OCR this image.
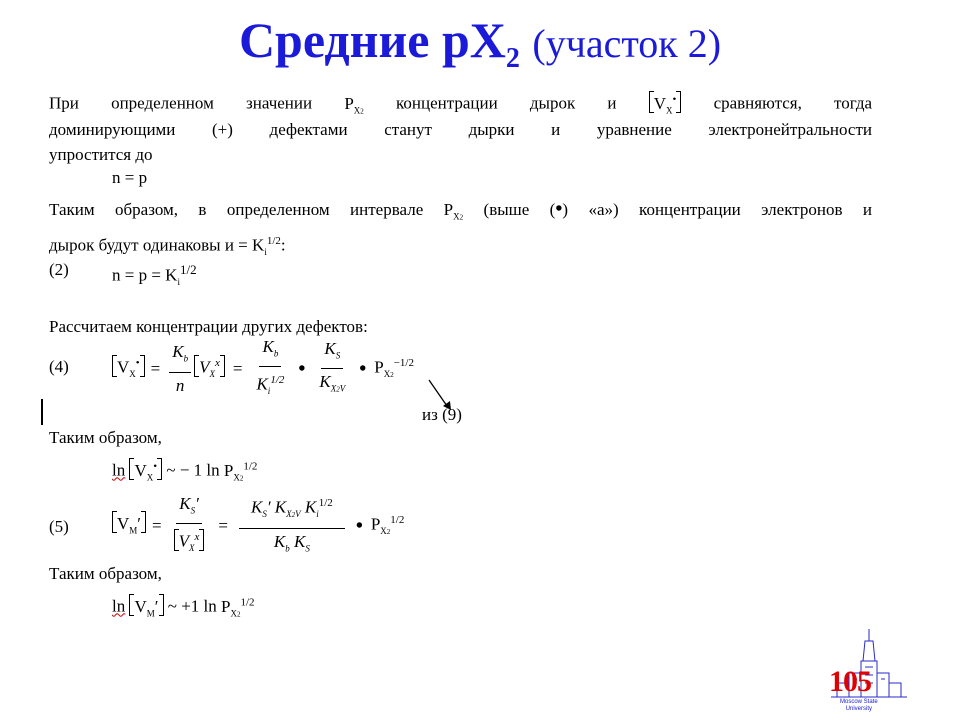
Средние $pX_2$ (участок 2)
При определенном значении $P_{X2}$ концентрации дырок и $V_X^•$ сравняются, тогда
доминирующими (+) дефектами станут дырки и уравнение электронейтральности
упростится до
n = p
Таким образом, в определенном интервале $P_{X2}$ (выше (•) «a») концентрации электронов и
дырок будут одинаковы $и = K_i^{1/2}$:
(2)	$n = p = K_i^{1/2}$
Рассчитаем концентрации других дефектов:
(4)	$V_X^• = \frac{K_b}{n} V_X^x = \frac{K_b}{K_i^{1/2}}$ • $\frac{K_S}{K_{X2V}}$ • $P_{X2}^{-1/2}$
из (9)
Таким образом,
$\ln V_X^•$ ~ − 1 $\ln P_{X2}^{1/2}$
(5)	$V_M' = \frac{K_S'}{V_X^x} = \frac{K_S' K_{X2V} K_i^{1/2}}{K_b K_S}$ • $P_{X2}^{1/2}$
Таким образом,
$\ln V_M'$ ~ +1 $\ln P_{X2}^{1/2}$
105
Moscow State
University
